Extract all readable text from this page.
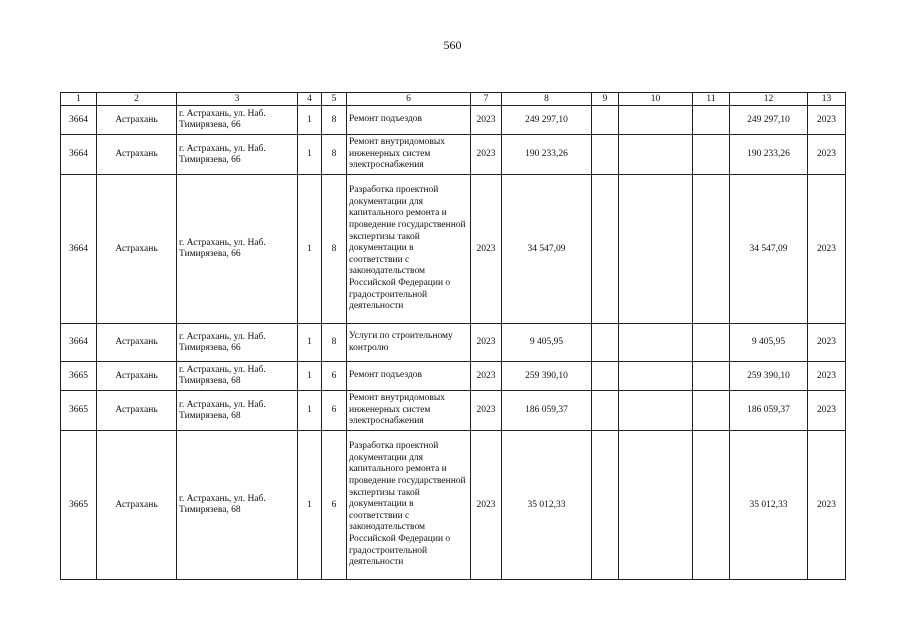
560
1	2	3	4	5	6	7	8	9	10	11	12	13
3664	Астрахань	г. Астрахань, ул. Наб. Тимирязева, 66	1	8	Ремонт подъездов	2023	249 297,10				249 297,10	2023
3664	Астрахань	г. Астрахань, ул. Наб. Тимирязева, 66	1	8	Ремонт внутридомовых инженерных систем электроснабжения	2023	190 233,26				190 233,26	2023
3664	Астрахань	г. Астрахань, ул. Наб. Тимирязева, 66	1	8	Разработка проектной документации для капитального ремонта и проведение государственной экспертизы такой документации в соответствии с законодательством Российской Федерации о градостроительной деятельности	2023	34 547,09				34 547,09	2023
3664	Астрахань	г. Астрахань, ул. Наб. Тимирязева, 66	1	8	Услуги по строительному контролю	2023	9 405,95				9 405,95	2023
3665	Астрахань	г. Астрахань, ул. Наб. Тимирязева, 68	1	6	Ремонт подъездов	2023	259 390,10				259 390,10	2023
3665	Астрахань	г. Астрахань, ул. Наб. Тимирязева, 68	1	6	Ремонт внутридомовых инженерных систем электроснабжения	2023	186 059,37				186 059,37	2023
3665	Астрахань	г. Астрахань, ул. Наб. Тимирязева, 68	1	6	Разработка проектной документации для капитального ремонта и проведение государственной экспертизы такой документации в соответствии с законодательством Российской Федерации о градостроительной деятельности	2023	35 012,33				35 012,33	2023
